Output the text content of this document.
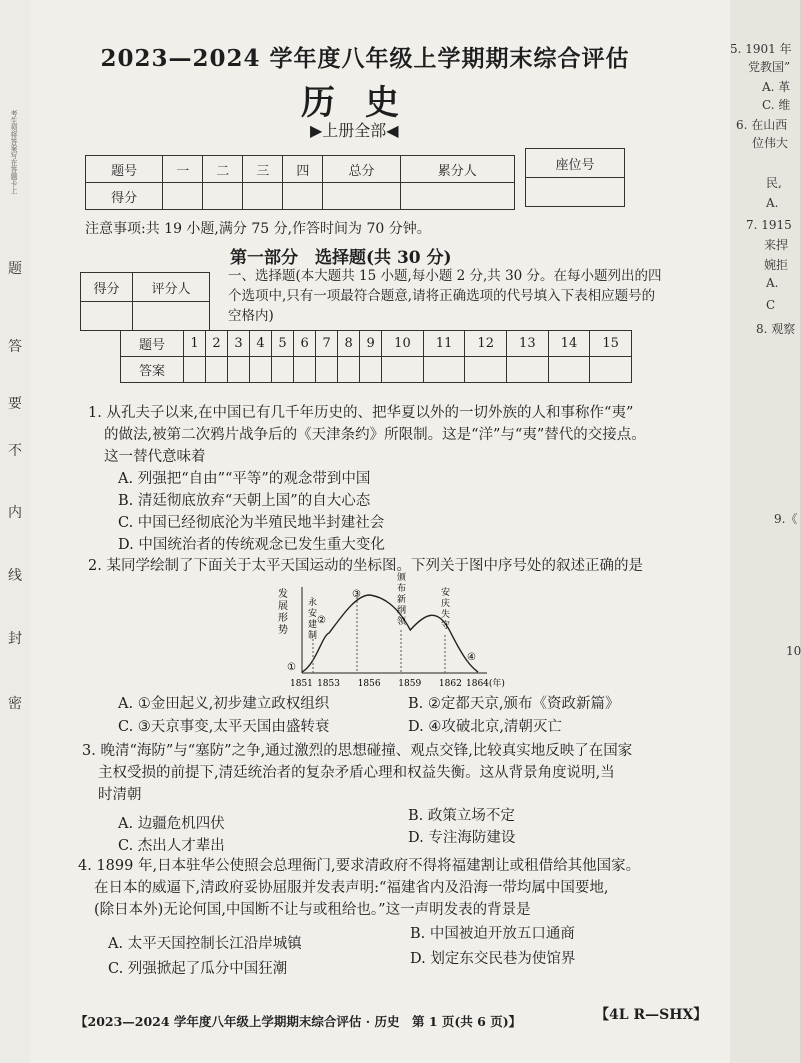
考生须将答案写在答题卡上
题
答
要
不
内
线
封
密
2023—2024 学年度八年级上学期期末综合评估
历史
▶上册全部◀
题号	一	二	三	四	总分	累分人
得分						
座位号

注意事项:共 19 小题,满分 75 分,作答时间为 70 分钟。
第一部分　选择题(共 30 分)
得分	评分人

一、选择题(本大题共 15 小题,每小题 2 分,共 30 分。在每小题列出的四个选项中,只有一项最符合题意,请将正确选项的代号填入下表相应题号的空格内)
题号	1	2	3	4	5	6	7	8	9	10	11	12	13	14	15
答案															
1. 从孔夫子以来,在中国已有几千年历史的、把华夏以外的一切外族的人和事称作“夷”
的做法,被第二次鸦片战争后的《天津条约》所限制。这是“洋”与“夷”替代的交接点。
这一替代意味着
A. 列强把“自由”“平等”的观念带到中国
B. 清廷彻底放弃“天朝上国”的自大心态
C. 中国已经彻底沦为半殖民地半封建社会
D. 中国统治者的传统观念已发生重大变化
2. 某同学绘制了下面关于太平天国运动的坐标图。下列关于图中序号处的叙述正确的是
发
展
形
势
1851 1853 1856 1859 1862 1864(年)
永
安
建
制
颁
布
新
纲
领
安
庆
失
守
①
②
③
④
A. ①金田起义,初步建立政权组织	B. ②定都天京,颁布《资政新篇》
C. ③天京事变,太平天国由盛转衰	D. ④攻破北京,清朝灭亡
3. 晚清“海防”与“塞防”之争,通过激烈的思想碰撞、观点交锋,比较真实地反映了在国家
主权受损的前提下,清廷统治者的复杂矛盾心理和权益失衡。这从背景角度说明,当
时清朝
A. 边疆危机四伏	B. 政策立场不定
C. 杰出人才辈出	D. 专注海防建设
4. 1899 年,日本驻华公使照会总理衙门,要求清政府不得将福建割让或租借给其他国家。
在日本的威逼下,清政府妥协屈服并发表声明:“福建省内及沿海一带均属中国要地,
(除日本外)无论何国,中国断不让与或租给也。”这一声明发表的背景是
A. 太平天国控制长江沿岸城镇
B. 中国被迫开放五口通商
C. 列强掀起了瓜分中国狂潮
D. 划定东交民巷为使馆界
【2023—2024 学年度八年级上学期期末综合评估 · 历史　第 1 页(共 6 页)】	【4L R—SHX】
5. 1901 年
党教国”
A. 革
C. 维
6. 在山西
位伟大
民,
A.
7. 1915
来捍
婉拒
A.
C
8. 观察
9.《
10
